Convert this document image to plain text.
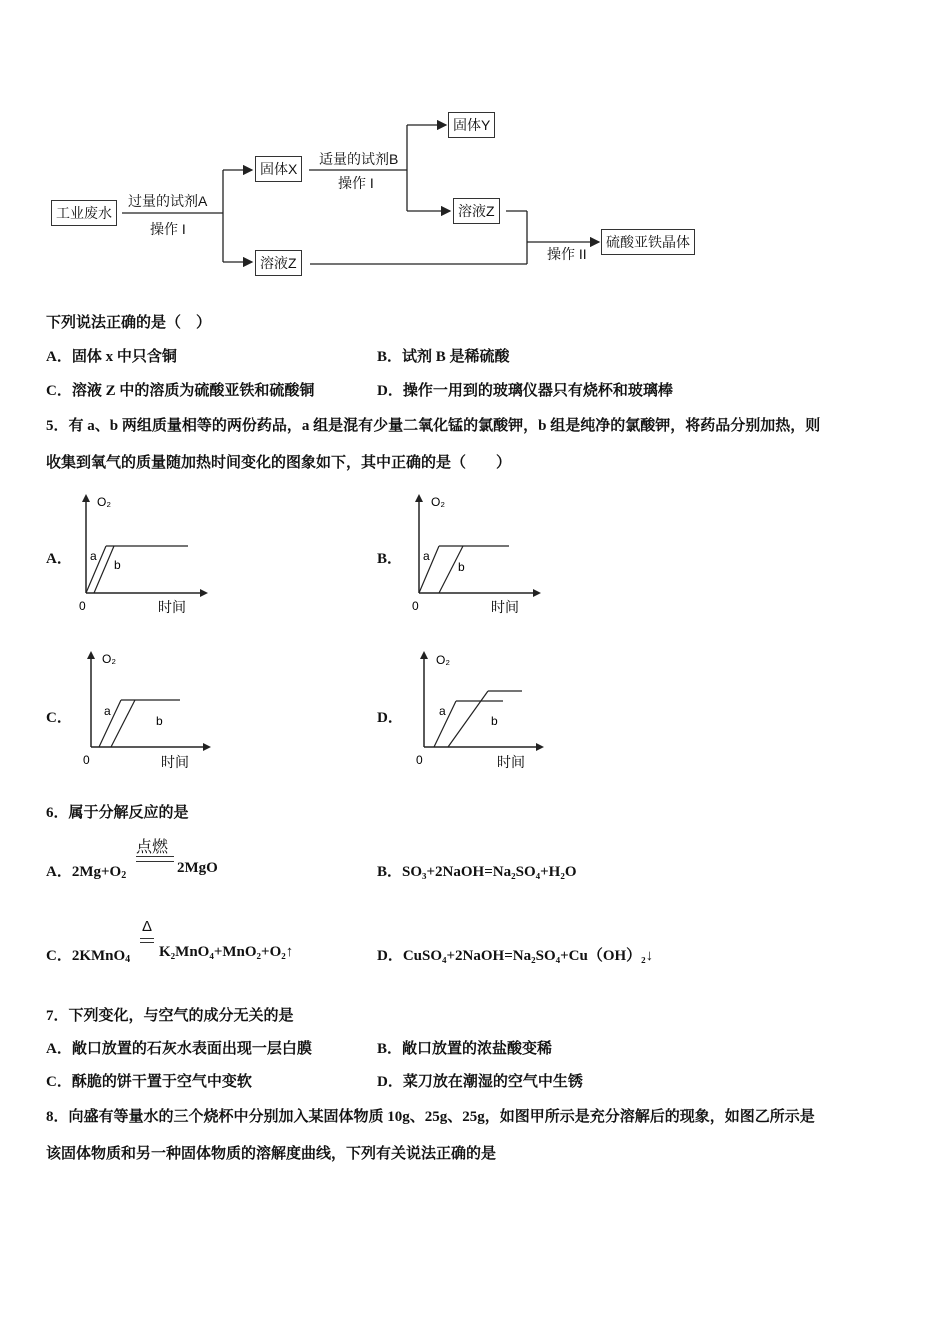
工业废水
过量的试剂A
操作 I
固体X
溶液Z
适量的试剂B
操作 I
固体Y
溶液Z
操作 II
硫酸亚铁晶体
下列说法正确的是（　）
A．固体 x 中只含铜	B．试剂 B 是稀硫酸
C．溶液 Z 中的溶质为硫酸亚铁和硫酸铜	D．操作一用到的玻璃仪器只有烧杯和玻璃棒
5．有 a、b 两组质量相等的两份药品，a 组是混有少量二氧化锰的氯酸钾，b 组是纯净的氯酸钾，将药品分别加热，则
收集到氧气的质量随加热时间变化的图象如下，其中正确的是（　　）
A．
O₂
a
b
0	时间
B．
O₂
a
b
0	时间
C．
O₂
a
b
0	时间
D．
O₂
a
b
0	时间
6．属于分解反应的是
A．$2Mg+O_2$
点燃
2MgO	B．SO₃+2NaOH=Na₂SO₄+H₂O
C．2KMnO$_4$
Δ
K₂MnO₄+MnO₂+O₂↑	D．CuSO₄+2NaOH=Na₂SO₄+Cu（OH）₂↓
7．下列变化，与空气的成分无关的是
A．敞口放置的石灰水表面出现一层白膜	B．敞口放置的浓盐酸变稀
C．酥脆的饼干置于空气中变软	D．菜刀放在潮湿的空气中生锈
8．向盛有等量水的三个烧杯中分别加入某固体物质 10g、25g、25g，如图甲所示是充分溶解后的现象，如图乙所示是
该固体物质和另一种固体物质的溶解度曲线，下列有关说法正确的是
